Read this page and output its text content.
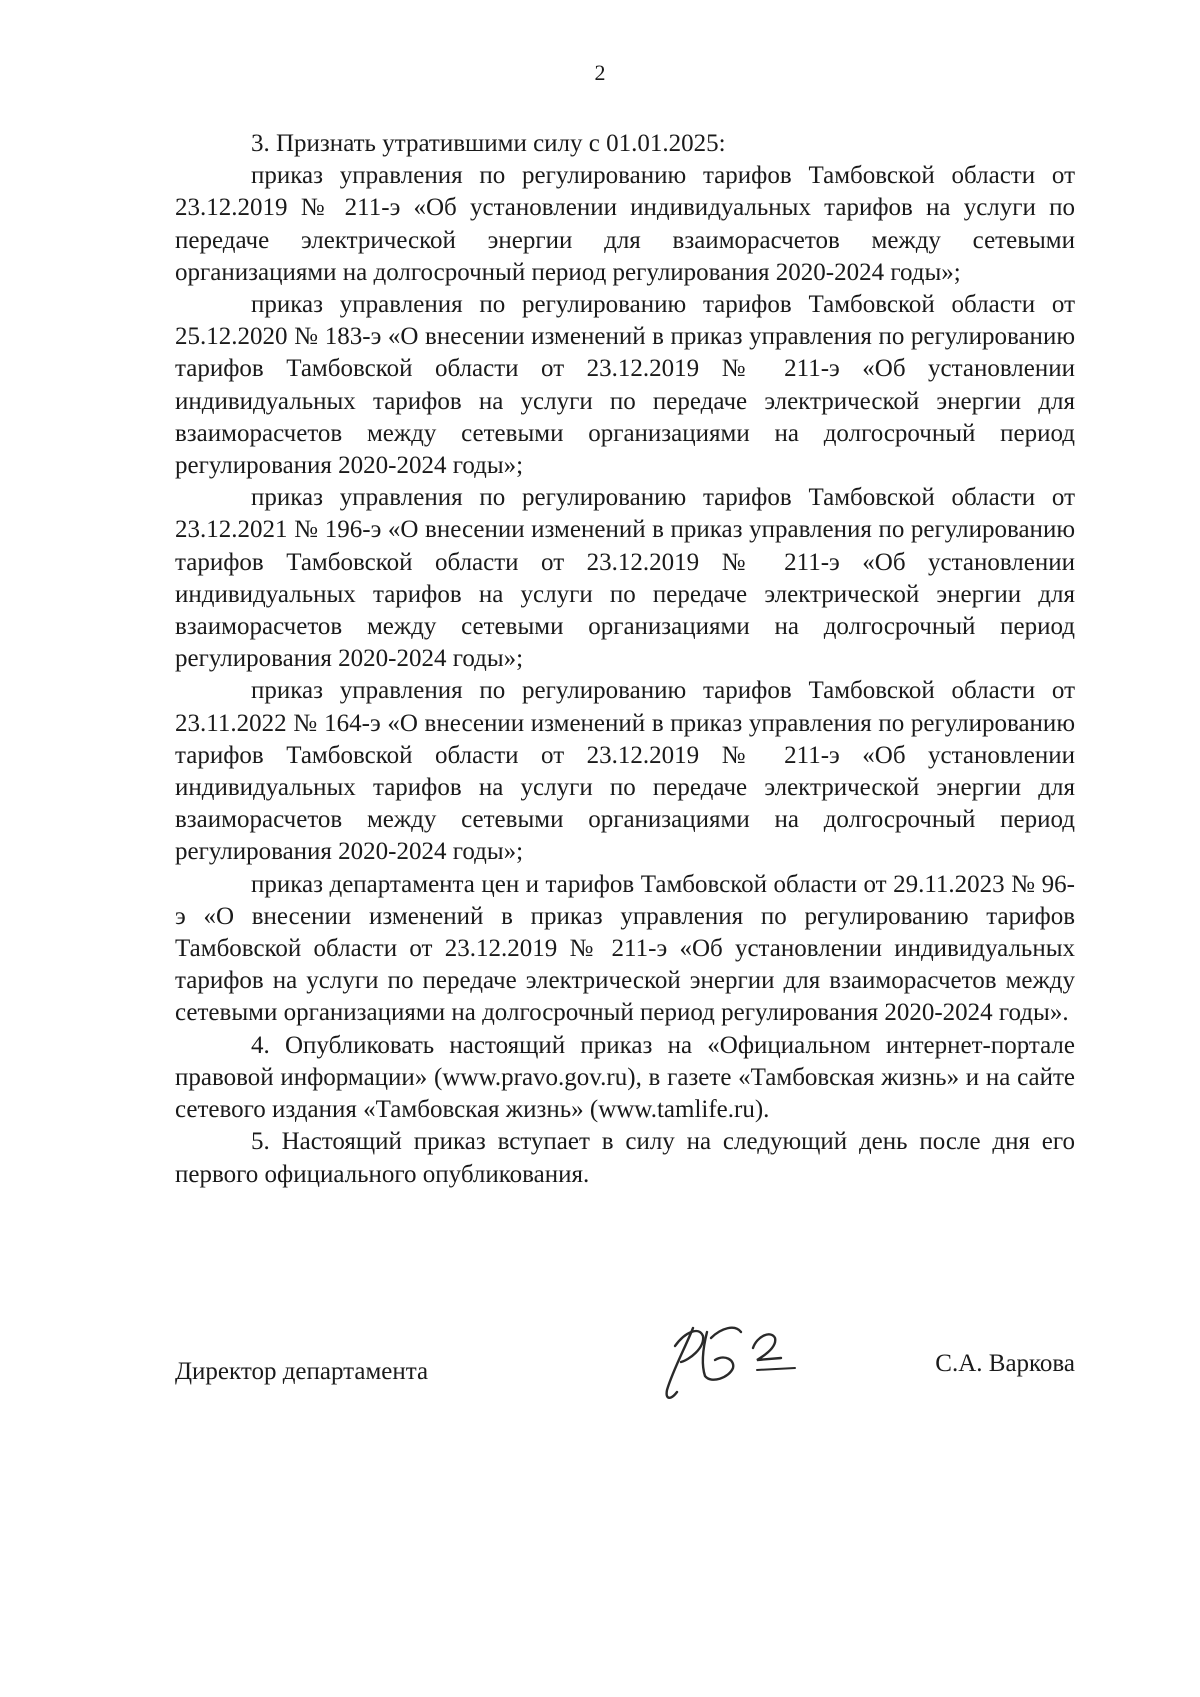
2

3. Признать утратившими силу с 01.01.2025:

приказ управления по регулированию тарифов Тамбовской области от 23.12.2019 № 211-э «Об установлении индивидуальных тарифов на услуги по передаче электрической энергии для взаиморасчетов между сетевыми организациями на долгосрочный период регулирования 2020-2024 годы»;

приказ управления по регулированию тарифов Тамбовской области от 25.12.2020 № 183-э «О внесении изменений в приказ управления по регулированию тарифов Тамбовской области от 23.12.2019 № 211-э «Об установлении индивидуальных тарифов на услуги по передаче электрической энергии для взаиморасчетов между сетевыми организациями на долгосрочный период регулирования 2020-2024 годы»;

приказ управления по регулированию тарифов Тамбовской области от 23.12.2021 № 196-э «О внесении изменений в приказ управления по регулированию тарифов Тамбовской области от 23.12.2019 № 211-э «Об установлении индивидуальных тарифов на услуги по передаче электрической энергии для взаиморасчетов между сетевыми организациями на долгосрочный период регулирования 2020-2024 годы»;

приказ управления по регулированию тарифов Тамбовской области от 23.11.2022 № 164-э «О внесении изменений в приказ управления по регулированию тарифов Тамбовской области от 23.12.2019 № 211-э «Об установлении индивидуальных тарифов на услуги по передаче электрической энергии для взаиморасчетов между сетевыми организациями на долгосрочный период регулирования 2020-2024 годы»;

приказ департамента цен и тарифов Тамбовской области от 29.11.2023 № 96-э «О внесении изменений в приказ управления по регулированию тарифов Тамбовской области от 23.12.2019 № 211-э «Об установлении индивидуальных тарифов на услуги по передаче электрической энергии для взаиморасчетов между сетевыми организациями на долгосрочный период регулирования 2020-2024 годы».

4. Опубликовать настоящий приказ на «Официальном интернет-портале правовой информации» (www.pravo.gov.ru), в газете «Тамбовская жизнь» и на сайте сетевого издания «Тамбовская жизнь» (www.tamlife.ru).

5. Настоящий приказ вступает в силу на следующий день после дня его первого официального опубликования.

Директор департамента	С.А. Варкова
